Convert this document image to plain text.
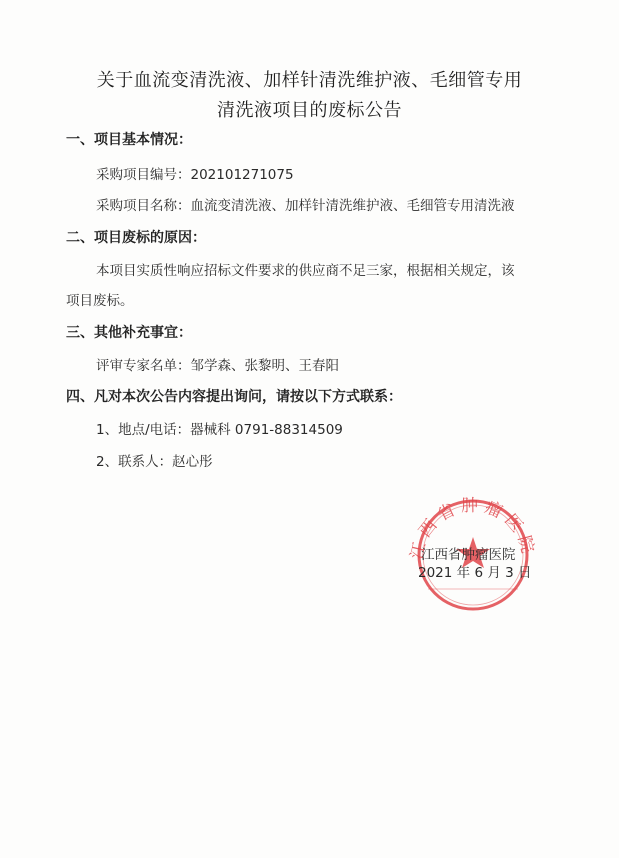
关于血流变清洗液、加样针清洗维护液、毛细管专用
清洗液项目的废标公告
一、项目基本情况：
采购项目编号：202101271075
采购项目名称：血流变清洗液、加样针清洗维护液、毛细管专用清洗液
二、项目废标的原因：
本项目实质性响应招标文件要求的供应商不足三家，根据相关规定，该
项目废标。
三、其他补充事宜：
评审专家名单：邹学森、张黎明、王春阳
四、凡对本次公告内容提出询问，请按以下方式联系：
1、地点/电话：器械科 0791-88314509
2、联系人：赵心彤
江西省肿瘤医院
江西省肿瘤医院
2021 年 6 月 3 日
